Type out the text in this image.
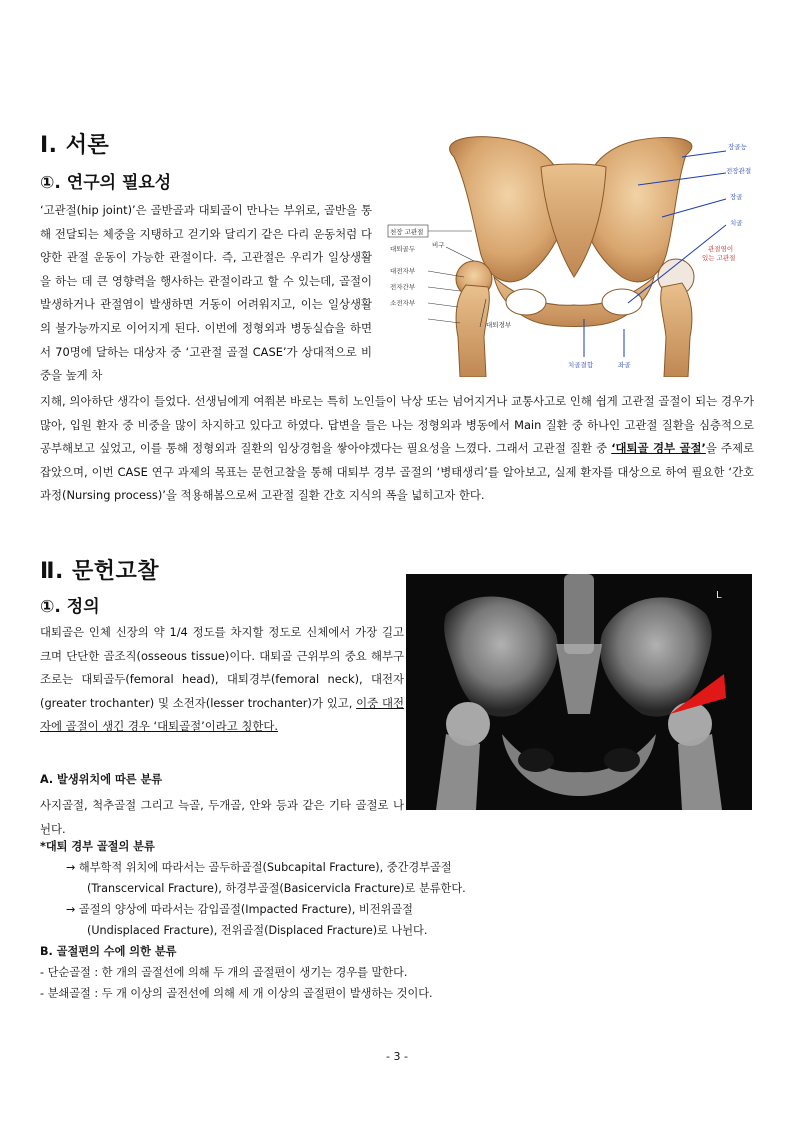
Ⅰ. 서론
①. 연구의 필요성

‘고관절(hip joint)’은 골반골과 대퇴골이 만나는 부위로, 골반을 통해 전달되는 체중을 지탱하고 걷기와 달리기 같은 다리 운동처럼 다양한 관절 운동이 가능한 관절이다. 즉, 고관절은 우리가 일상생활을 하는 데 큰 영향력을 행사하는 관절이라고 할 수 있는데, 골절이 발생하거나 관절염이 발생하면 거동이 어려워지고, 이는 일상생활의 불가능까지로 이어지게 된다. 이번에 정형외과 병동실습을 하면서 70명에 달하는 대상자 중 ‘고관절 골절 CASE’가 상대적으로 비중을 높게 차

지해, 의아하단 생각이 들었다. 선생님에게 여쭤본 바로는 특히 노인들이 낙상 또는 넘어지거나 교통사고로 인해 쉽게 고관절 골절이 되는 경우가 많아, 입원 환자 중 비중을 많이 차지하고 있다고 하였다. 답변을 들은 나는 정형외과 병동에서 Main 질환 중 하나인 고관절 질환을 심층적으로 공부해보고 싶었고, 이를 통해 정형외과 질환의 임상경험을 쌓아야겠다는 필요성을 느꼈다. 그래서 고관절 질환 중 ‘대퇴골 경부 골절’을 주제로 잡았으며, 이번 CASE 연구 과제의 목표는 문헌고찰을 통해 대퇴부 경부 골절의 ‘병태생리’를 알아보고, 실제 환자를 대상으로 하여 필요한 ‘간호과정(Nursing process)’을 적용해봄으로써 고관절 질환 간호 지식의 폭을 넓히고자 한다.

천장 고관절
비구
대퇴골두
대전자부
전자간부
소전자부
대퇴경부
장골능
전장관절
장골
치골
관절염이
있는 고관절
치골결합	좌골
Ⅱ. 문헌고찰
①. 정의

대퇴골은 인체 신장의 약 1/4 정도를 차지할 정도로 신체에서 가장 길고 크며 단단한 골조직(osseous tissue)이다. 대퇴골 근위부의 중요 해부구조로는 대퇴골두(femoral head), 대퇴경부(femoral neck), 대전자(greater trochanter) 및 소전자(lesser trochanter)가 있고, 이중 대전자에 골절이 생긴 경우 ‘대퇴골절’이라고 칭한다.

A. 발생위치에 따른 분류
사지골절, 척추골절 그리고 늑골, 두개골, 안와 등과 같은 기타 골절로 나뉜다.
*대퇴 경부 골절의 분류
→ 해부학적 위치에 따라서는 골두하골절(Subcapital Fracture), 중간경부골절
(Transcervical Fracture), 하경부골절(Basicervicla Fracture)로 분류한다.
→ 골절의 양상에 따라서는 감입골절(Impacted Fracture), 비전위골절
(Undisplaced Fracture), 전위골절(Displaced Fracture)로 나뉜다.
B. 골절편의 수에 의한 분류
- 단순골절 : 한 개의 골절선에 의해 두 개의 골절편이 생기는 경우를 말한다.
- 분쇄골절 : 두 개 이상의 골전선에 의해 세 개 이상의 골절편이 발생하는 것이다.
L
- 3 -
